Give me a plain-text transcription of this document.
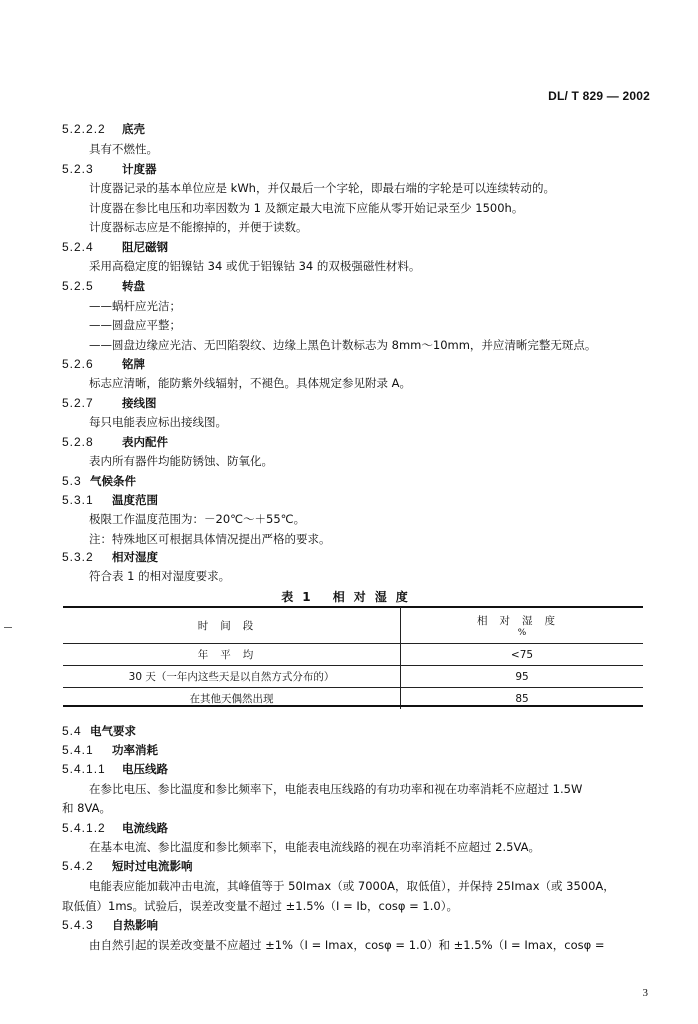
DL/ T 829 — 2002
5.2.2.2 底壳
具有不燃性。
5.2.3 计度器
计度器记录的基本单位应是 kWh，并仅最后一个字轮，即最右端的字轮是可以连续转动的。
计度器在参比电压和功率因数为 1 及额定最大电流下应能从零开始记录至少 1500h。
计度器标志应是不能擦掉的，并便于读数。
5.2.4 阻尼磁钢
采用高稳定度的铝镍钴 34 或优于铝镍钴 34 的双极强磁性材料。
5.2.5 转盘
——蜗杆应光洁；
——圆盘应平整；
——圆盘边缘应光洁、无凹陷裂纹、边缘上黑色计数标志为 8mm～10mm，并应清晰完整无斑点。
5.2.6 铭牌
标志应清晰，能防紫外线辐射，不褪色。具体规定参见附录 A。
5.2.7 接线图
每只电能表应标出接线图。
5.2.8 表内配件
表内所有器件均能防锈蚀、防氧化。
5.3 气候条件
5.3.1 温度范围
极限工作温度范围为：－20℃～＋55℃。
注：特殊地区可根据具体情况提出严格的要求。
5.3.2 相对湿度
符合表 1 的相对湿度要求。
表1 相对湿度
时间段	相对湿度
%

年平均	<75
30 天（一年内这些天是以自然方式分布的）	95
在其他天偶然出现	85
5.4 电气要求
5.4.1 功率消耗
5.4.1.1 电压线路
在参比电压、参比温度和参比频率下，电能表电压线路的有功功率和视在功率消耗不应超过 1.5W
和 8VA。
5.4.1.2 电流线路
在基本电流、参比温度和参比频率下，电能表电流线路的视在功率消耗不应超过 2.5VA。
5.4.2 短时过电流影响
电能表应能加载冲击电流，其峰值等于 50Imax（或 7000A，取低值），并保持 25Imax（或 3500A，
取低值）1ms。试验后，误差改变量不超过 ±1.5%（I = Ib，cosφ = 1.0）。
5.4.3 自热影响
由自然引起的误差改变量不应超过 ±1%（I = Imax，cosφ = 1.0）和 ±1.5%（I = Imax，cosφ =
3
